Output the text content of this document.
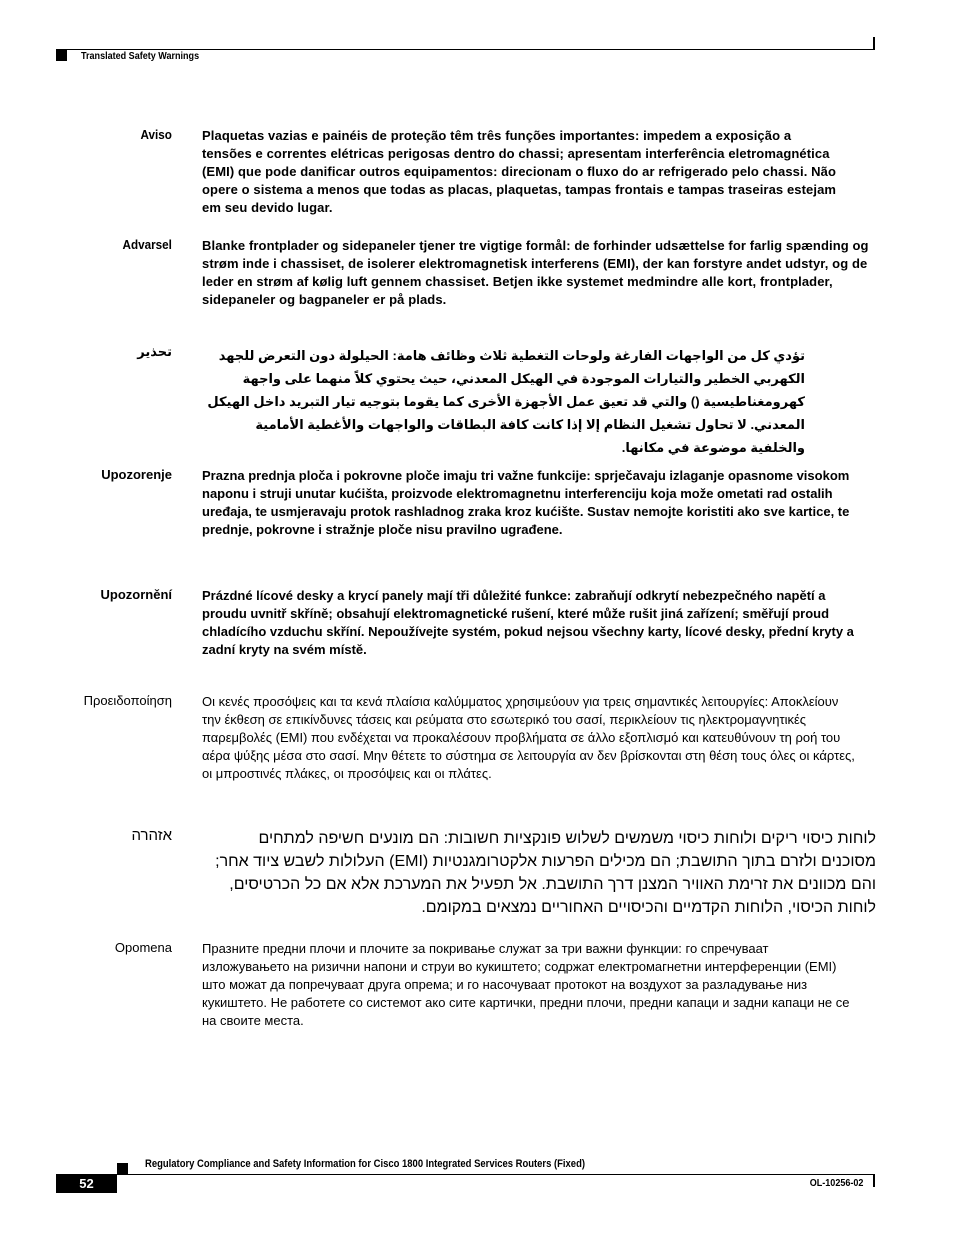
Translated Safety Warnings
Aviso Plaquetas vazias e painéis de proteção têm três funções importantes: impedem a exposição a tensões e correntes elétricas perigosas dentro do chassi; apresentam interferência eletromagnética (EMI) que pode danificar outros equipamentos: direcionam o fluxo do ar refrigerado pelo chassi. Não opere o sistema a menos que todas as placas, plaquetas, tampas frontais e tampas traseiras estejam em seu devido lugar.

Advarsel Blanke frontplader og sidepaneler tjener tre vigtige formål: de forhinder udsættelse for farlig spænding og strøm inde i chassiset, de isolerer elektromagnetisk interferens (EMI), der kan forstyre andet udstyr, og de leder en strøm af kølig luft gennem chassiset. Betjen ikke systemet medmindre alle kort, frontplader, sidepaneler og bagpaneler er på plads.

تحذير	تؤدي كل من الواجهات الفارغة ولوحات التغطية ثلاث وظائف هامة: الحيلولة دون التعرض للجهد الكهربي الخطير والتيارات الموجودة في الهيكل المعدني، حيث يحتوي كلاً منهما على واجهة كهرومغناطيسية () والتي قد تعيق عمل الأجهزة الأخرى كما يقوما بتوجيه تيار التبريد داخل الهيكل المعدني. لا تحاول تشغيل النظام إلا إذا كانت كافة البطاقات والواجهات والأغطية الأمامية والخلفية موضوعة في مكانها.

Upozorenje Prazna prednja ploča i pokrovne ploče imaju tri važne funkcije: sprječavaju izlaganje opasnome visokom naponu i struji unutar kućišta, proizvode elektromagnetnu interferenciju koja može ometati rad ostalih uređaja, te usmjeravaju protok rashladnog zraka kroz kućište. Sustav nemojte koristiti ako sve kartice, te prednje, pokrovne i stražnje ploče nisu pravilno ugrađene.

Upozornění Prázdné lícové desky a krycí panely mají tři důležité funkce: zabraňují odkrytí nebezpečného napětí a proudu uvnitř skříně; obsahují elektromagnetické rušení, které může rušit jiná zařízení; směřují proud chladícího vzduchu skříní. Nepoužívejte systém, pokud nejsou všechny karty, lícové desky, přední kryty a zadní kryty na svém místě.

Προειδοποίηση Οι κενές προσόψεις και τα κενά πλαίσια καλύμματος χρησιμεύουν για τρεις σημαντικές λειτουργίες: Αποκλείουν την έκθεση σε επικίνδυνες τάσεις και ρεύματα στο εσωτερικό του σασί, περικλείουν τις ηλεκτρομαγνητικές παρεμβολές (EMI) που ενδέχεται να προκαλέσουν προβλήματα σε άλλο εξοπλισμό και κατευθύνουν τη ροή του αέρα ψύξης μέσα στο σασί. Μην θέτετε το σύστημα σε λειτουργία αν δεν βρίσκονται στη θέση τους όλες οι κάρτες, οι μπροστινές πλάκες, οι προσόψεις και οι πλάτες.

אזהרה	לוחות כיסוי ריקים ולוחות כיסוי משמשים לשלוש פונקציות חשובות: הם מונעים חשיפה למתחים מסוכנים ולזרם בתוך התושבת; הם מכילים הפרעות אלקטרומגנטיות (EMI) העלולות לשבש ציוד אחר; והם מכוונים את זרימת האוויר המצנן דרך התושבת. אל תפעיל את המערכת אלא אם כל הכרטיסים, לוחות הכיסוי, הלוחות הקדמיים והכיסויים האחוריים נמצאים במקומם.

Opomena Празните предни плочи и плочите за покривање служат за три важни функции: го спречуваат изложувањето на ризични напони и струи во кукиштето; содржат електромагнетни интерференции (EMI) што можат да попречуваат друга опрема; и го насочуваат протокот на воздухот за разладување низ кукиштето. Не работете со системот ако сите картички, предни плочи, предни капаци и задни капаци не се на своите места.

Regulatory Compliance and Safety Information for Cisco 1800 Integrated Services Routers (Fixed)
52	OL-10256-02
